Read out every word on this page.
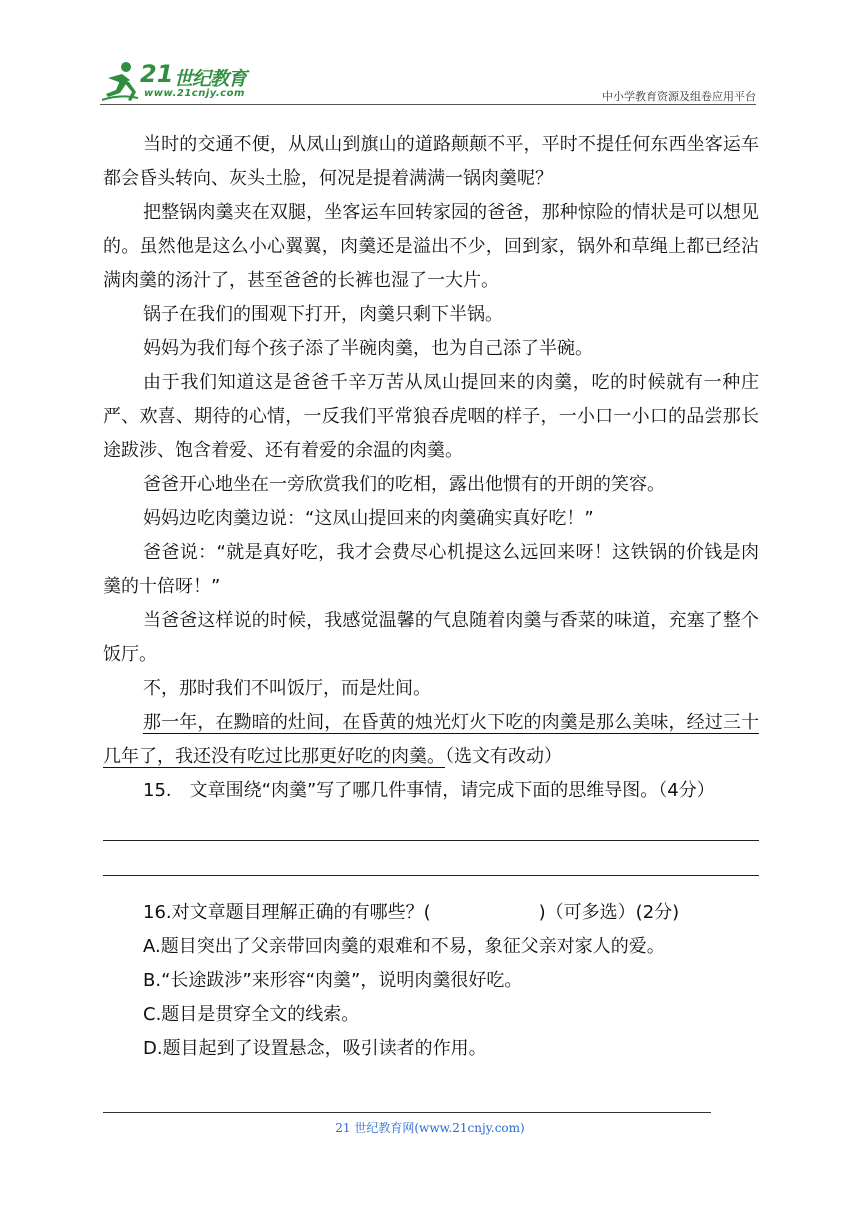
21 世纪教育
www.21cnjy.com	中小学教育资源及组卷应用平台

当时的交通不便，从凤山到旗山的道路颠颠不平，平时不提任何东西坐客运车都会昏头转向、灰头土脸，何况是提着满满一锅肉羹呢？

把整锅肉羹夹在双腿，坐客运车回转家园的爸爸，那种惊险的情状是可以想见的。虽然他是这么小心翼翼，肉羹还是溢出不少，回到家，锅外和草绳上都已经沾满肉羹的汤汁了，甚至爸爸的长裤也湿了一大片。

锅子在我们的围观下打开，肉羹只剩下半锅。

妈妈为我们每个孩子添了半碗肉羹，也为自己添了半碗。

由于我们知道这是爸爸千辛万苦从凤山提回来的肉羹，吃的时候就有一种庄严、欢喜、期待的心情，一反我们平常狼吞虎咽的样子，一小口一小口的品尝那长途跋涉、饱含着爱、还有着爱的余温的肉羹。

爸爸开心地坐在一旁欣赏我们的吃相，露出他惯有的开朗的笑容。

妈妈边吃肉羹边说：“这凤山提回来的肉羹确实真好吃！”

爸爸说：“就是真好吃，我才会费尽心机提这么远回来呀！这铁锅的价钱是肉羹的十倍呀！”

当爸爸这样说的时候，我感觉温馨的气息随着肉羹与香菜的味道，充塞了整个饭厅。

不，那时我们不叫饭厅，而是灶间。

那一年，在黝暗的灶间，在昏黄的烛光灯火下吃的肉羹是那么美味，经过三十几年了，我还没有吃过比那更好吃的肉羹。（选文有改动）

15.　文章围绕“肉羹”写了哪几件事情，请完成下面的思维导图。（4分）

16.对文章题目理解正确的有哪些？(　　　　　　)（可多选）(2分)

A.题目突出了父亲带回肉羹的艰难和不易，象征父亲对家人的爱。

B.“长途跋涉”来形容“肉羹”，说明肉羹很好吃。

C.题目是贯穿全文的线索。

D.题目起到了设置悬念，吸引读者的作用。

21 世纪教育网(www.21cnjy.com)
